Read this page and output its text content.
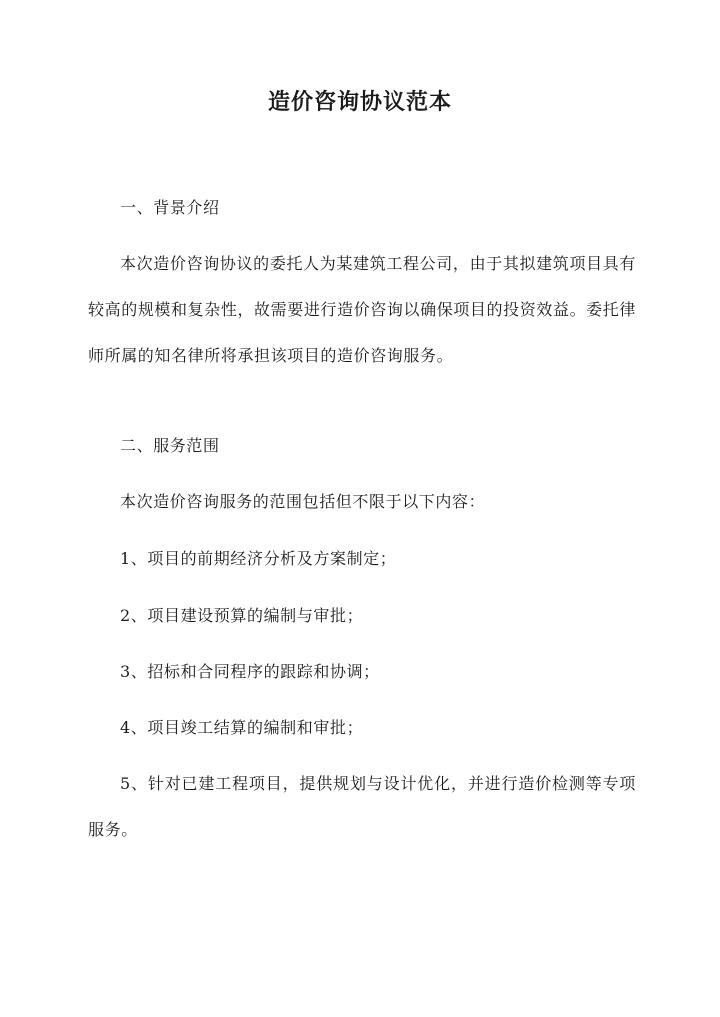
造价咨询协议范本

一、背景介绍

本次造价咨询协议的委托人为某建筑工程公司，由于其拟建筑项目具有较高的规模和复杂性，故需要进行造价咨询以确保项目的投资效益。委托律师所属的知名律所将承担该项目的造价咨询服务。

二、服务范围

本次造价咨询服务的范围包括但不限于以下内容：

1、项目的前期经济分析及方案制定；

2、项目建设预算的编制与审批；

3、招标和合同程序的跟踪和协调；

4、项目竣工结算的编制和审批；

5、针对已建工程项目，提供规划与设计优化，并进行造价检测等专项服务。
